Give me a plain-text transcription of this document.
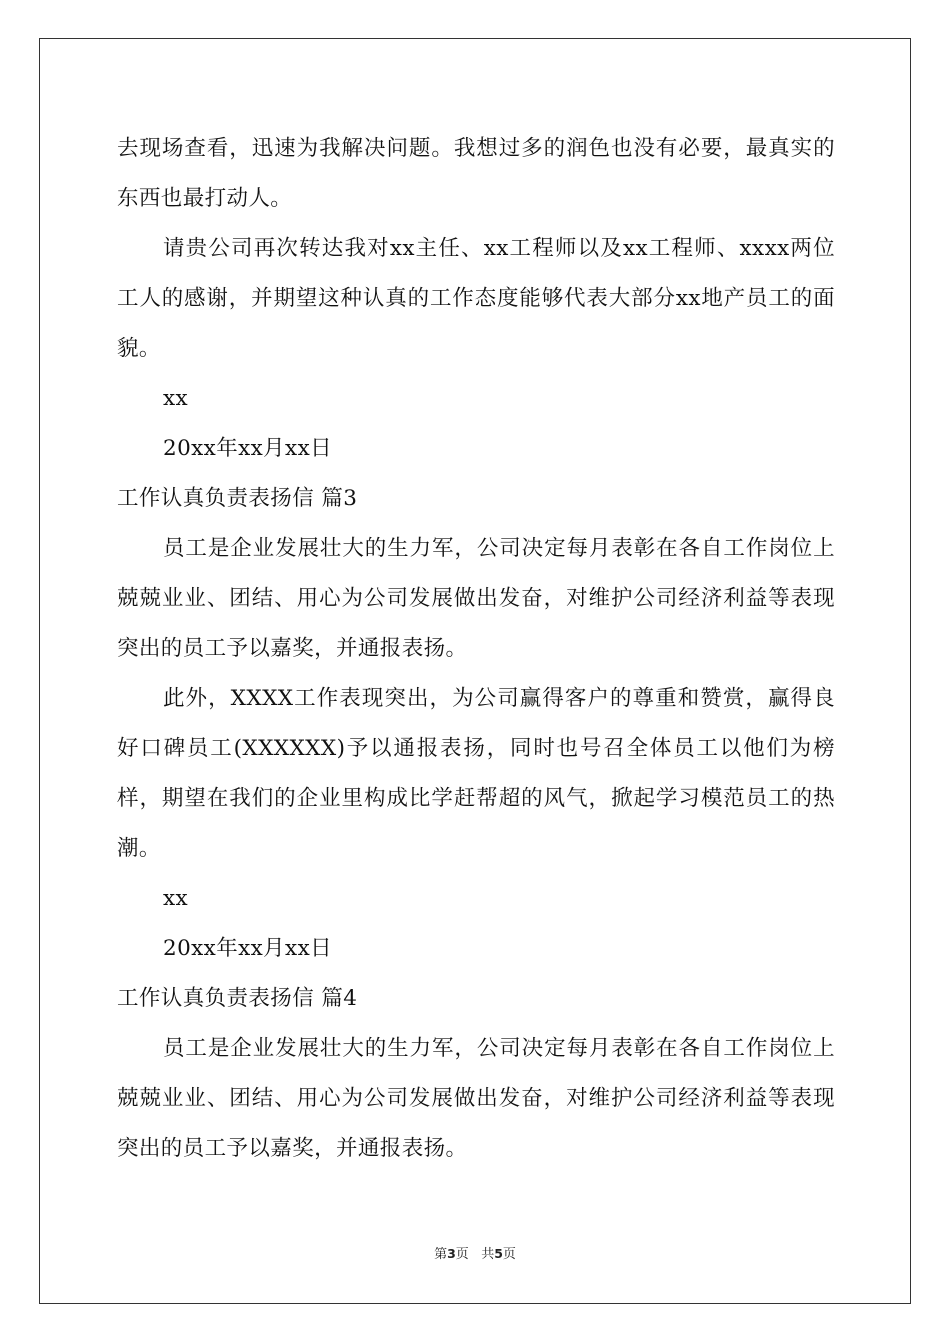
去现场查看，迅速为我解决问题。我想过多的润色也没有必要，最真实的东西也最打动人。

请贵公司再次转达我对xx主任、xx工程师以及xx工程师、xxxx两位工人的感谢，并期望这种认真的工作态度能够代表大部分xx地产员工的面貌。

xx

20xx年xx月xx日

工作认真负责表扬信 篇3

员工是企业发展壮大的生力军，公司决定每月表彰在各自工作岗位上兢兢业业、团结、用心为公司发展做出发奋，对维护公司经济利益等表现突出的员工予以嘉奖，并通报表扬。

此外，XXXX工作表现突出，为公司赢得客户的尊重和赞赏，赢得良好口碑员工(XXXXXX)予以通报表扬，同时也号召全体员工以他们为榜样，期望在我们的企业里构成比学赶帮超的风气，掀起学习模范员工的热潮。

xx

20xx年xx月xx日

工作认真负责表扬信 篇4

员工是企业发展壮大的生力军，公司决定每月表彰在各自工作岗位上兢兢业业、团结、用心为公司发展做出发奋，对维护公司经济利益等表现突出的员工予以嘉奖，并通报表扬。

第3页   共5页
